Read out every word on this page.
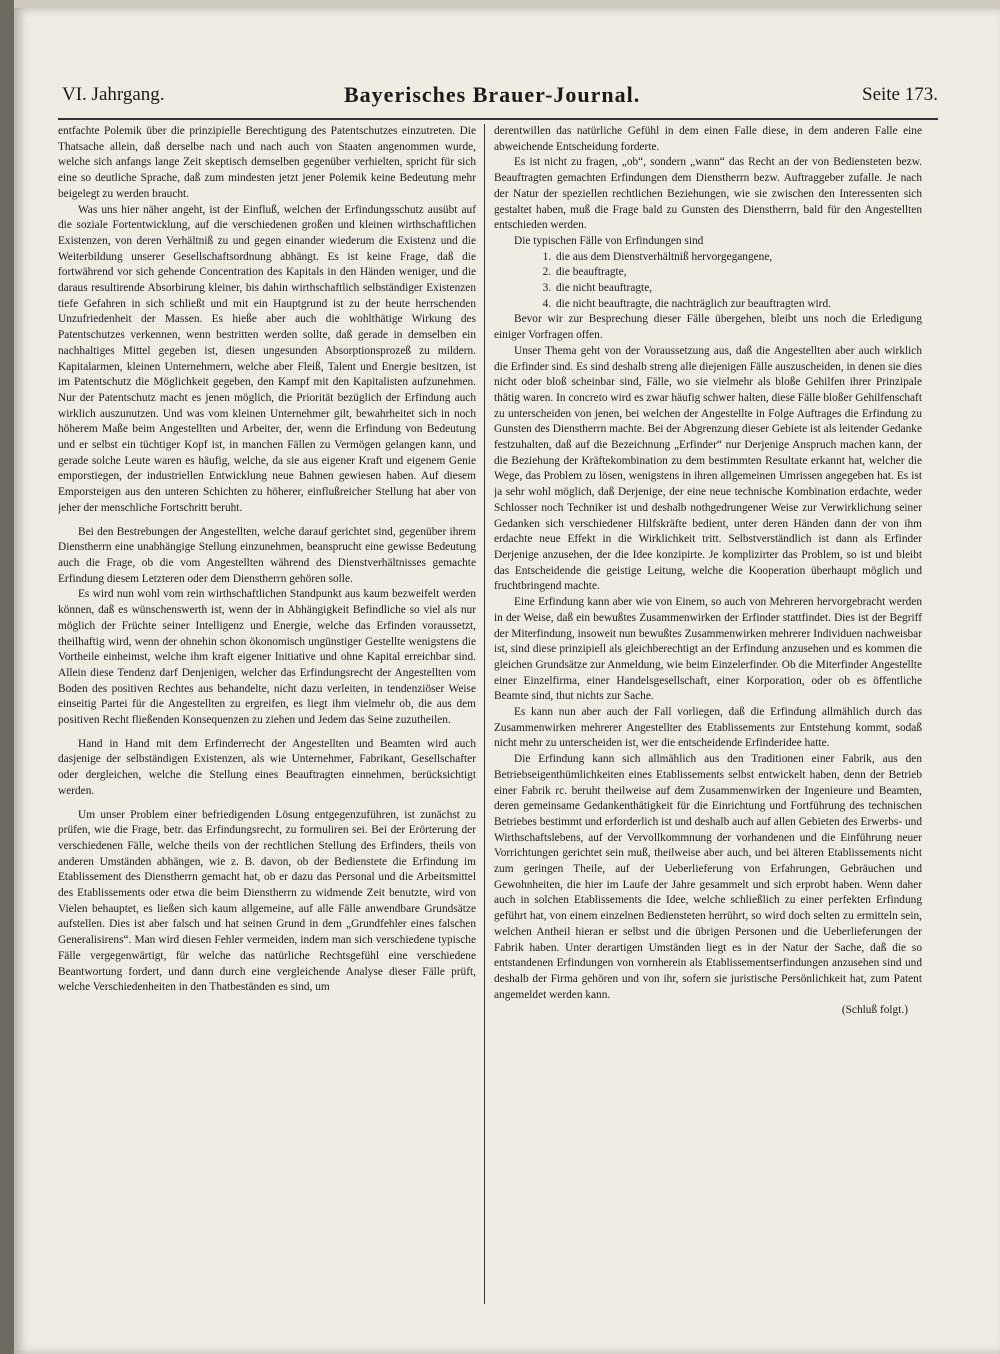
VI. Jahrgang.	Bayerisches Brauer-Journal.	Seite 173.

entfachte Polemik über die prinzipielle Berechtigung des Patentschutzes einzutreten. Die Thatsache allein, daß derselbe nach und nach auch von Staaten angenommen wurde, welche sich anfangs lange Zeit skeptisch demselben gegenüber verhielten, spricht für sich eine so deutliche Sprache, daß zum mindesten jetzt jener Polemik keine Bedeutung mehr beigelegt zu werden braucht.

Was uns hier näher angeht, ist der Einfluß, welchen der Erfindungsschutz ausübt auf die soziale Fortentwicklung, auf die verschiedenen großen und kleinen wirthschaftlichen Existenzen, von deren Verhältniß zu und gegen einander wiederum die Existenz und die Weiterbildung unserer Gesellschaftsordnung abhängt. Es ist keine Frage, daß die fortwährend vor sich gehende Concentration des Kapitals in den Händen weniger, und die daraus resultirende Absorbirung kleiner, bis dahin wirthschaftlich selbständiger Existenzen tiefe Gefahren in sich schließt und mit ein Hauptgrund ist zu der heute herrschenden Unzufriedenheit der Massen. Es hieße aber auch die wohlthätige Wirkung des Patentschutzes verkennen, wenn bestritten werden sollte, daß gerade in demselben ein nachhaltiges Mittel gegeben ist, diesen ungesunden Absorptionsprozeß zu mildern. Kapitalarmen, kleinen Unternehmern, welche aber Fleiß, Talent und Energie besitzen, ist im Patentschutz die Möglichkeit gegeben, den Kampf mit den Kapitalisten aufzunehmen. Nur der Patentschutz macht es jenen möglich, die Priorität bezüglich der Erfindung auch wirklich auszunutzen. Und was vom kleinen Unternehmer gilt, bewahrheitet sich in noch höherem Maße beim Angestellten und Arbeiter, der, wenn die Erfindung von Bedeutung und er selbst ein tüchtiger Kopf ist, in manchen Fällen zu Vermögen gelangen kann, und gerade solche Leute waren es häufig, welche, da sie aus eigener Kraft und eigenem Genie emporstiegen, der industriellen Entwicklung neue Bahnen gewiesen haben. Auf diesem Emporsteigen aus den unteren Schichten zu höherer, einflußreicher Stellung hat aber von jeher der menschliche Fortschritt beruht.

Bei den Bestrebungen der Angestellten, welche darauf gerichtet sind, gegenüber ihrem Dienstherrn eine unabhängige Stellung einzunehmen, beansprucht eine gewisse Bedeutung auch die Frage, ob die vom Angestellten während des Dienstverhältnisses gemachte Erfindung diesem Letzteren oder dem Dienstherrn gehören solle.

Es wird nun wohl vom rein wirthschaftlichen Standpunkt aus kaum bezweifelt werden können, daß es wünschenswerth ist, wenn der in Abhängigkeit Befindliche so viel als nur möglich der Früchte seiner Intelligenz und Energie, welche das Erfinden voraussetzt, theilhaftig wird, wenn der ohnehin schon ökonomisch ungünstiger Gestellte wenigstens die Vortheile einheimst, welche ihm kraft eigener Initiative und ohne Kapital erreichbar sind. Allein diese Tendenz darf Denjenigen, welcher das Erfindungsrecht der Angestellten vom Boden des positiven Rechtes aus behandelte, nicht dazu verleiten, in tendenziöser Weise einseitig Partei für die Angestellten zu ergreifen, es liegt ihm vielmehr ob, die aus dem positiven Recht fließenden Konsequenzen zu ziehen und Jedem das Seine zuzutheilen.

Hand in Hand mit dem Erfinderrecht der Angestellten und Beamten wird auch dasjenige der selbständigen Existenzen, als wie Unternehmer, Fabrikant, Gesellschafter oder dergleichen, welche die Stellung eines Beauftragten einnehmen, berücksichtigt werden.

Um unser Problem einer befriedigenden Lösung entgegenzuführen, ist zunächst zu prüfen, wie die Frage, betr. das Erfindungsrecht, zu formuliren sei. Bei der Erörterung der verschiedenen Fälle, welche theils von der rechtlichen Stellung des Erfinders, theils von anderen Umständen abhängen, wie z. B. davon, ob der Bedienstete die Erfindung im Etablissement des Dienstherrn gemacht hat, ob er dazu das Personal und die Arbeitsmittel des Etablissements oder etwa die beim Dienstherrn zu widmende Zeit benutzte, wird von Vielen behauptet, es ließen sich kaum allgemeine, auf alle Fälle anwendbare Grundsätze aufstellen. Dies ist aber falsch und hat seinen Grund in dem „Grundfehler eines falschen Generalisirens“. Man wird diesen Fehler vermeiden, indem man sich verschiedene typische Fälle vergegenwärtigt, für welche das natürliche Rechtsgefühl eine verschiedene Beantwortung fordert, und dann durch eine vergleichende Analyse dieser Fälle prüft, welche Verschiedenheiten in den Thatbeständen es sind, um

derentwillen das natürliche Gefühl in dem einen Falle diese, in dem anderen Falle eine abweichende Entscheidung forderte.

Es ist nicht zu fragen, „ob“, sondern „wann“ das Recht an der von Bediensteten bezw. Beauftragten gemachten Erfindungen dem Dienstherrn bezw. Auftraggeber zufalle. Je nach der Natur der speziellen rechtlichen Beziehungen, wie sie zwischen den Interessenten sich gestaltet haben, muß die Frage bald zu Gunsten des Dienstherrn, bald für den Angestellten entschieden werden.

Die typischen Fälle von Erfindungen sind

1. die aus dem Dienstverhältniß hervorgegangene,
2. die beauftragte,
3. die nicht beauftragte,
4. die nicht beauftragte, die nachträglich zur beauftragten wird.

Bevor wir zur Besprechung dieser Fälle übergehen, bleibt uns noch die Erledigung einiger Vorfragen offen.

Unser Thema geht von der Voraussetzung aus, daß die Angestellten aber auch wirklich die Erfinder sind. Es sind deshalb streng alle diejenigen Fälle auszuscheiden, in denen sie dies nicht oder bloß scheinbar sind, Fälle, wo sie vielmehr als bloße Gehilfen ihrer Prinzipale thätig waren. In concreto wird es zwar häufig schwer halten, diese Fälle bloßer Gehilfenschaft zu unterscheiden von jenen, bei welchen der Angestellte in Folge Auftrages die Erfindung zu Gunsten des Dienstherrn machte. Bei der Abgrenzung dieser Gebiete ist als leitender Gedanke festzuhalten, daß auf die Bezeichnung „Erfinder“ nur Derjenige Anspruch machen kann, der die Beziehung der Kräftekombination zu dem bestimmten Resultate erkannt hat, welcher die Wege, das Problem zu lösen, wenigstens in ihren allgemeinen Umrissen angegeben hat. Es ist ja sehr wohl möglich, daß Derjenige, der eine neue technische Kombination erdachte, weder Schlosser noch Techniker ist und deshalb nothgedrungener Weise zur Verwirklichung seiner Gedanken sich verschiedener Hilfskräfte bedient, unter deren Händen dann der von ihm erdachte neue Effekt in die Wirklichkeit tritt. Selbstverständlich ist dann als Erfinder Derjenige anzusehen, der die Idee konzipirte. Je komplizirter das Problem, so ist und bleibt das Entscheidende die geistige Leitung, welche die Kooperation überhaupt möglich und fruchtbringend machte.

Eine Erfindung kann aber wie von Einem, so auch von Mehreren hervorgebracht werden in der Weise, daß ein bewußtes Zusammenwirken der Erfinder stattfindet. Dies ist der Begriff der Miterfindung, insoweit nun bewußtes Zusammenwirken mehrerer Individuen nachweisbar ist, sind diese prinzipiell als gleichberechtigt an der Erfindung anzusehen und es kommen die gleichen Grundsätze zur Anmeldung, wie beim Einzelerfinder. Ob die Miterfinder Angestellte einer Einzelfirma, einer Handelsgesellschaft, einer Korporation, oder ob es öffentliche Beamte sind, thut nichts zur Sache.

Es kann nun aber auch der Fall vorliegen, daß die Erfindung allmählich durch das Zusammenwirken mehrerer Angestellter des Etablissements zur Entstehung kommt, sodaß nicht mehr zu unterscheiden ist, wer die entscheidende Erfinderidee hatte.

Die Erfindung kann sich allmählich aus den Traditionen einer Fabrik, aus den Betriebseigenthümlichkeiten eines Etablissements selbst entwickelt haben, denn der Betrieb einer Fabrik rc. beruht theilweise auf dem Zusammenwirken der Ingenieure und Beamten, deren gemeinsame Gedankenthätigkeit für die Einrichtung und Fortführung des technischen Betriebes bestimmt und erforderlich ist und deshalb auch auf allen Gebieten des Erwerbs- und Wirthschaftslebens, auf der Vervollkommnung der vorhandenen und die Einführung neuer Vorrichtungen gerichtet sein muß, theilweise aber auch, und bei älteren Etablissements nicht zum geringen Theile, auf der Ueberlieferung von Erfahrungen, Gebräuchen und Gewohnheiten, die hier im Laufe der Jahre gesammelt und sich erprobt haben. Wenn daher auch in solchen Etablissements die Idee, welche schließlich zu einer perfekten Erfindung geführt hat, von einem einzelnen Bediensteten herrührt, so wird doch selten zu ermitteln sein, welchen Antheil hieran er selbst und die übrigen Personen und die Ueberlieferungen der Fabrik haben. Unter derartigen Umständen liegt es in der Natur der Sache, daß die so entstandenen Erfindungen von vornherein als Etablissementserfindungen anzusehen sind und deshalb der Firma gehören und von ihr, sofern sie juristische Persönlichkeit hat, zum Patent angemeldet werden kann.

(Schluß folgt.)
